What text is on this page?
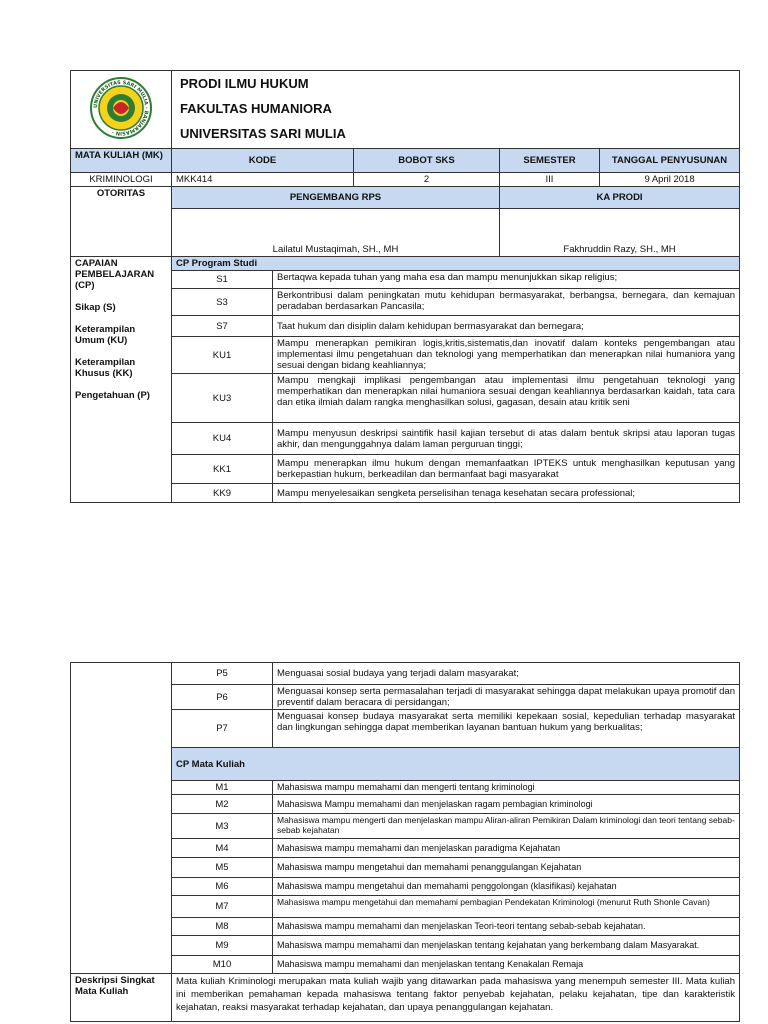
UNIVERSITAS SARI MULIA · BANJARMASIN ·	PRODI ILMU HUKUM
FAKULTAS HUMANIORA
UNIVERSITAS SARI MULIA				

MATA KULIAH (MK)	KODE		BOBOT SKS	SEMESTER	TANGGAL PENYUSUNAN
KRIMINOLOGI	MKK414		2	III	9 April 2018
OTORITAS	PENGEMBANG RPS			KA PRODI	
	Lailatul Mustaqimah, SH., MH			Fakhruddin Razy, SH., MH	

CAPAIAN PEMBELAJARAN (CP)
Sikap (S)
Keterampilan Umum (KU)
Keterampilan Khusus (KK)
Pengetahuan (P)	CP Program Studi				
	S1	Bertaqwa kepada tuhan yang maha esa dan mampu menunjukkan sikap religius;			
	S3	Berkontribusi dalam peningkatan mutu kehidupan bermasyarakat, berbangsa, bernegara, dan kemajuan peradaban berdasarkan Pancasila;			
	S7	Taat hukum dan disiplin dalam kehidupan bermasyarakat dan bernegara;			
	KU1	Mampu menerapkan pemikiran logis,kritis,sistematis,dan inovatif dalam konteks pengembangan atau implementasi ilmu pengetahuan dan teknologi yang memperhatikan dan menerapkan nilai humaniora yang sesuai dengan bidang keahliannya;			
	KU3	Mampu mengkaji implikasi pengembangan atau implementasi ilmu pengetahuan teknologi yang memperhatikan dan menerapkan nilai humaniora sesuai dengan keahliannya berdasarkan kaidah, tata cara dan etika ilmiah dalam rangka menghasilkan solusi, gagasan, desain atau kritik seni			
	KU4	Mampu menyusun deskripsi saintifik hasil kajian tersebut di atas dalam bentuk skripsi atau laporan tugas akhir, dan mengunggahnya dalam laman perguruan tinggi;			
	KK1	Mampu menerapkan ilmu hukum dengan memanfaatkan IPTEKS untuk menghasilkan keputusan yang berkepastian hukum, berkeadilan dan bermanfaat bagi masyarakat			
	KK9	Mampu menyelesaikan sengketa perselisihan tenaga kesehatan secara professional;			
	P5	Menguasai sosial budaya yang terjadi dalam masyarakat;
	P6	Menguasai konsep serta permasalahan terjadi di masyarakat sehingga dapat melakukan upaya promotif dan preventif dalam beracara di persidangan;
	P7	Menguasai konsep budaya masyarakat serta memiliki kepekaan sosial, kepedulian terhadap masyarakat dan lingkungan sehingga dapat memberikan layanan bantuan hukum yang berkualitas;
	CP Mata Kuliah	
	M1	Mahasiswa mampu memahami dan mengerti tentang kriminologi
	M2	Mahasiswa Mampu memahami dan menjelaskan ragam pembagian kriminologi
	M3	Mahasiswa mampu mengerti dan menjelaskan mampu Aliran-aliran Pemikiran Dalam kriminologi dan teori tentang sebab-sebab kejahatan
	M4	Mahasiswa mampu memahami dan menjelaskan paradigma Kejahatan
	M5	Mahasiswa mampu mengetahui dan memahami penanggulangan Kejahatan
	M6	Mahasiswa mampu mengetahui dan memahami penggolongan (klasifikasi) kejahatan
	M7	Mahasiswa mampu mengetahui dan memahami pembagian Pendekatan Kriminologi (menurut Ruth Shonle Cavan)
	M8	Mahasiswa mampu memahami dan menjelaskan Teori-teori tentang sebab-sebab kejahatan.
	M9	Mahasiswa mampu memahami dan menjelaskan tentang kejahatan yang berkembang dalam Masyarakat.
	M10	Mahasiswa mampu memahami dan menjelaskan tentang Kenakalan Remaja
Deskripsi Singkat Mata Kuliah	Mata kuliah Kriminologi merupakan mata kuliah wajib yang ditawarkan pada mahasiswa yang menempuh semester III. Mata kuliah ini memberikan pemahaman kepada mahasiswa tentang faktor penyebab kejahatan, pelaku kejahatan, tipe dan karakteristik kejahatan, reaksi masyarakat terhadap kejahatan, dan upaya penanggulangan kejahatan.	
